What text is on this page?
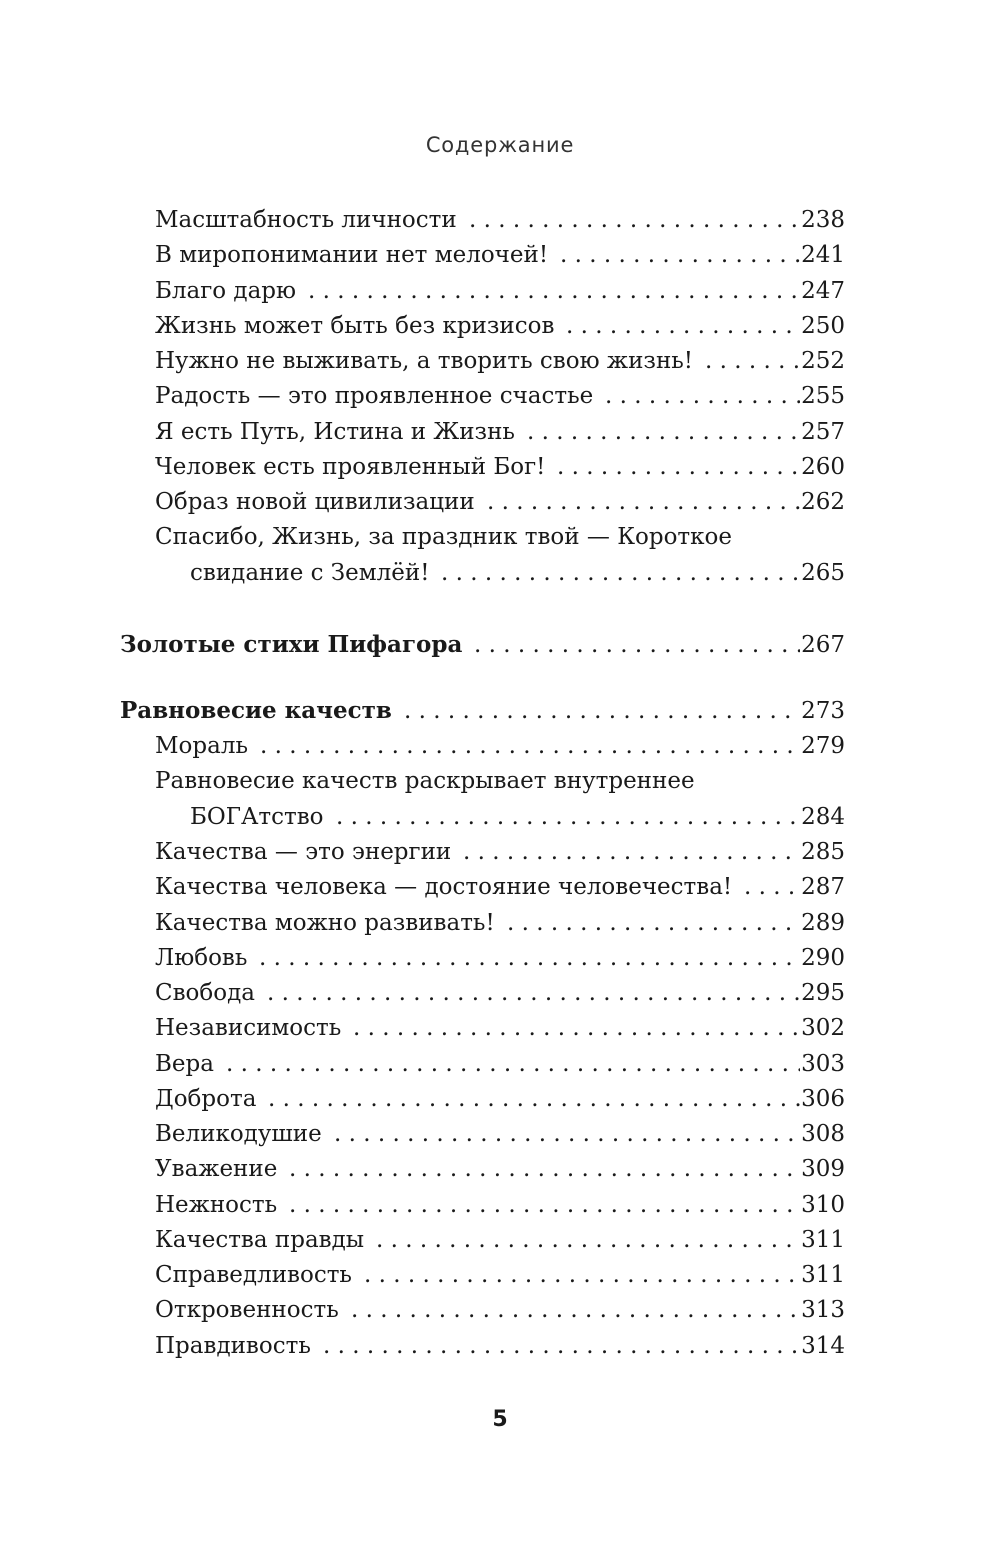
Содержание
Масштабность личности . . .	238
В миропонимании нет мелочей! . . .	241
Благо дарю . . .	247
Жизнь может быть без кризисов . . .	250
Нужно не выживать, а творить свою жизнь! . . .	252
Радость — это проявленное счастье . . .	255
Я есть Путь, Истина и Жизнь . . .	257
Человек есть проявленный Бог! . . .	260
Образ новой цивилизации . . .	262
Спасибо, Жизнь, за праздник твой — Короткое
свидание с Землёй! . . .	265
Золотые стихи Пифагора . . .	267
Равновесие качеств . . .	273
Мораль . . .	279
Равновесие качеств раскрывает внутреннее
БОГАтство . . .	284
Качества — это энергии . . .	285
Качества человека — достояние человечества! . . .	287
Качества можно развивать! . . .	289
Любовь . . .	290
Свобода . . .	295
Независимость . . .	302
Вера . . .	303
Доброта . . .	306
Великодушие . . .	308
Уважение . . .	309
Нежность . . .	310
Качества правды . . .	311
Справедливость . . .	311
Откровенность . . .	313
Правдивость . . .	314
5
